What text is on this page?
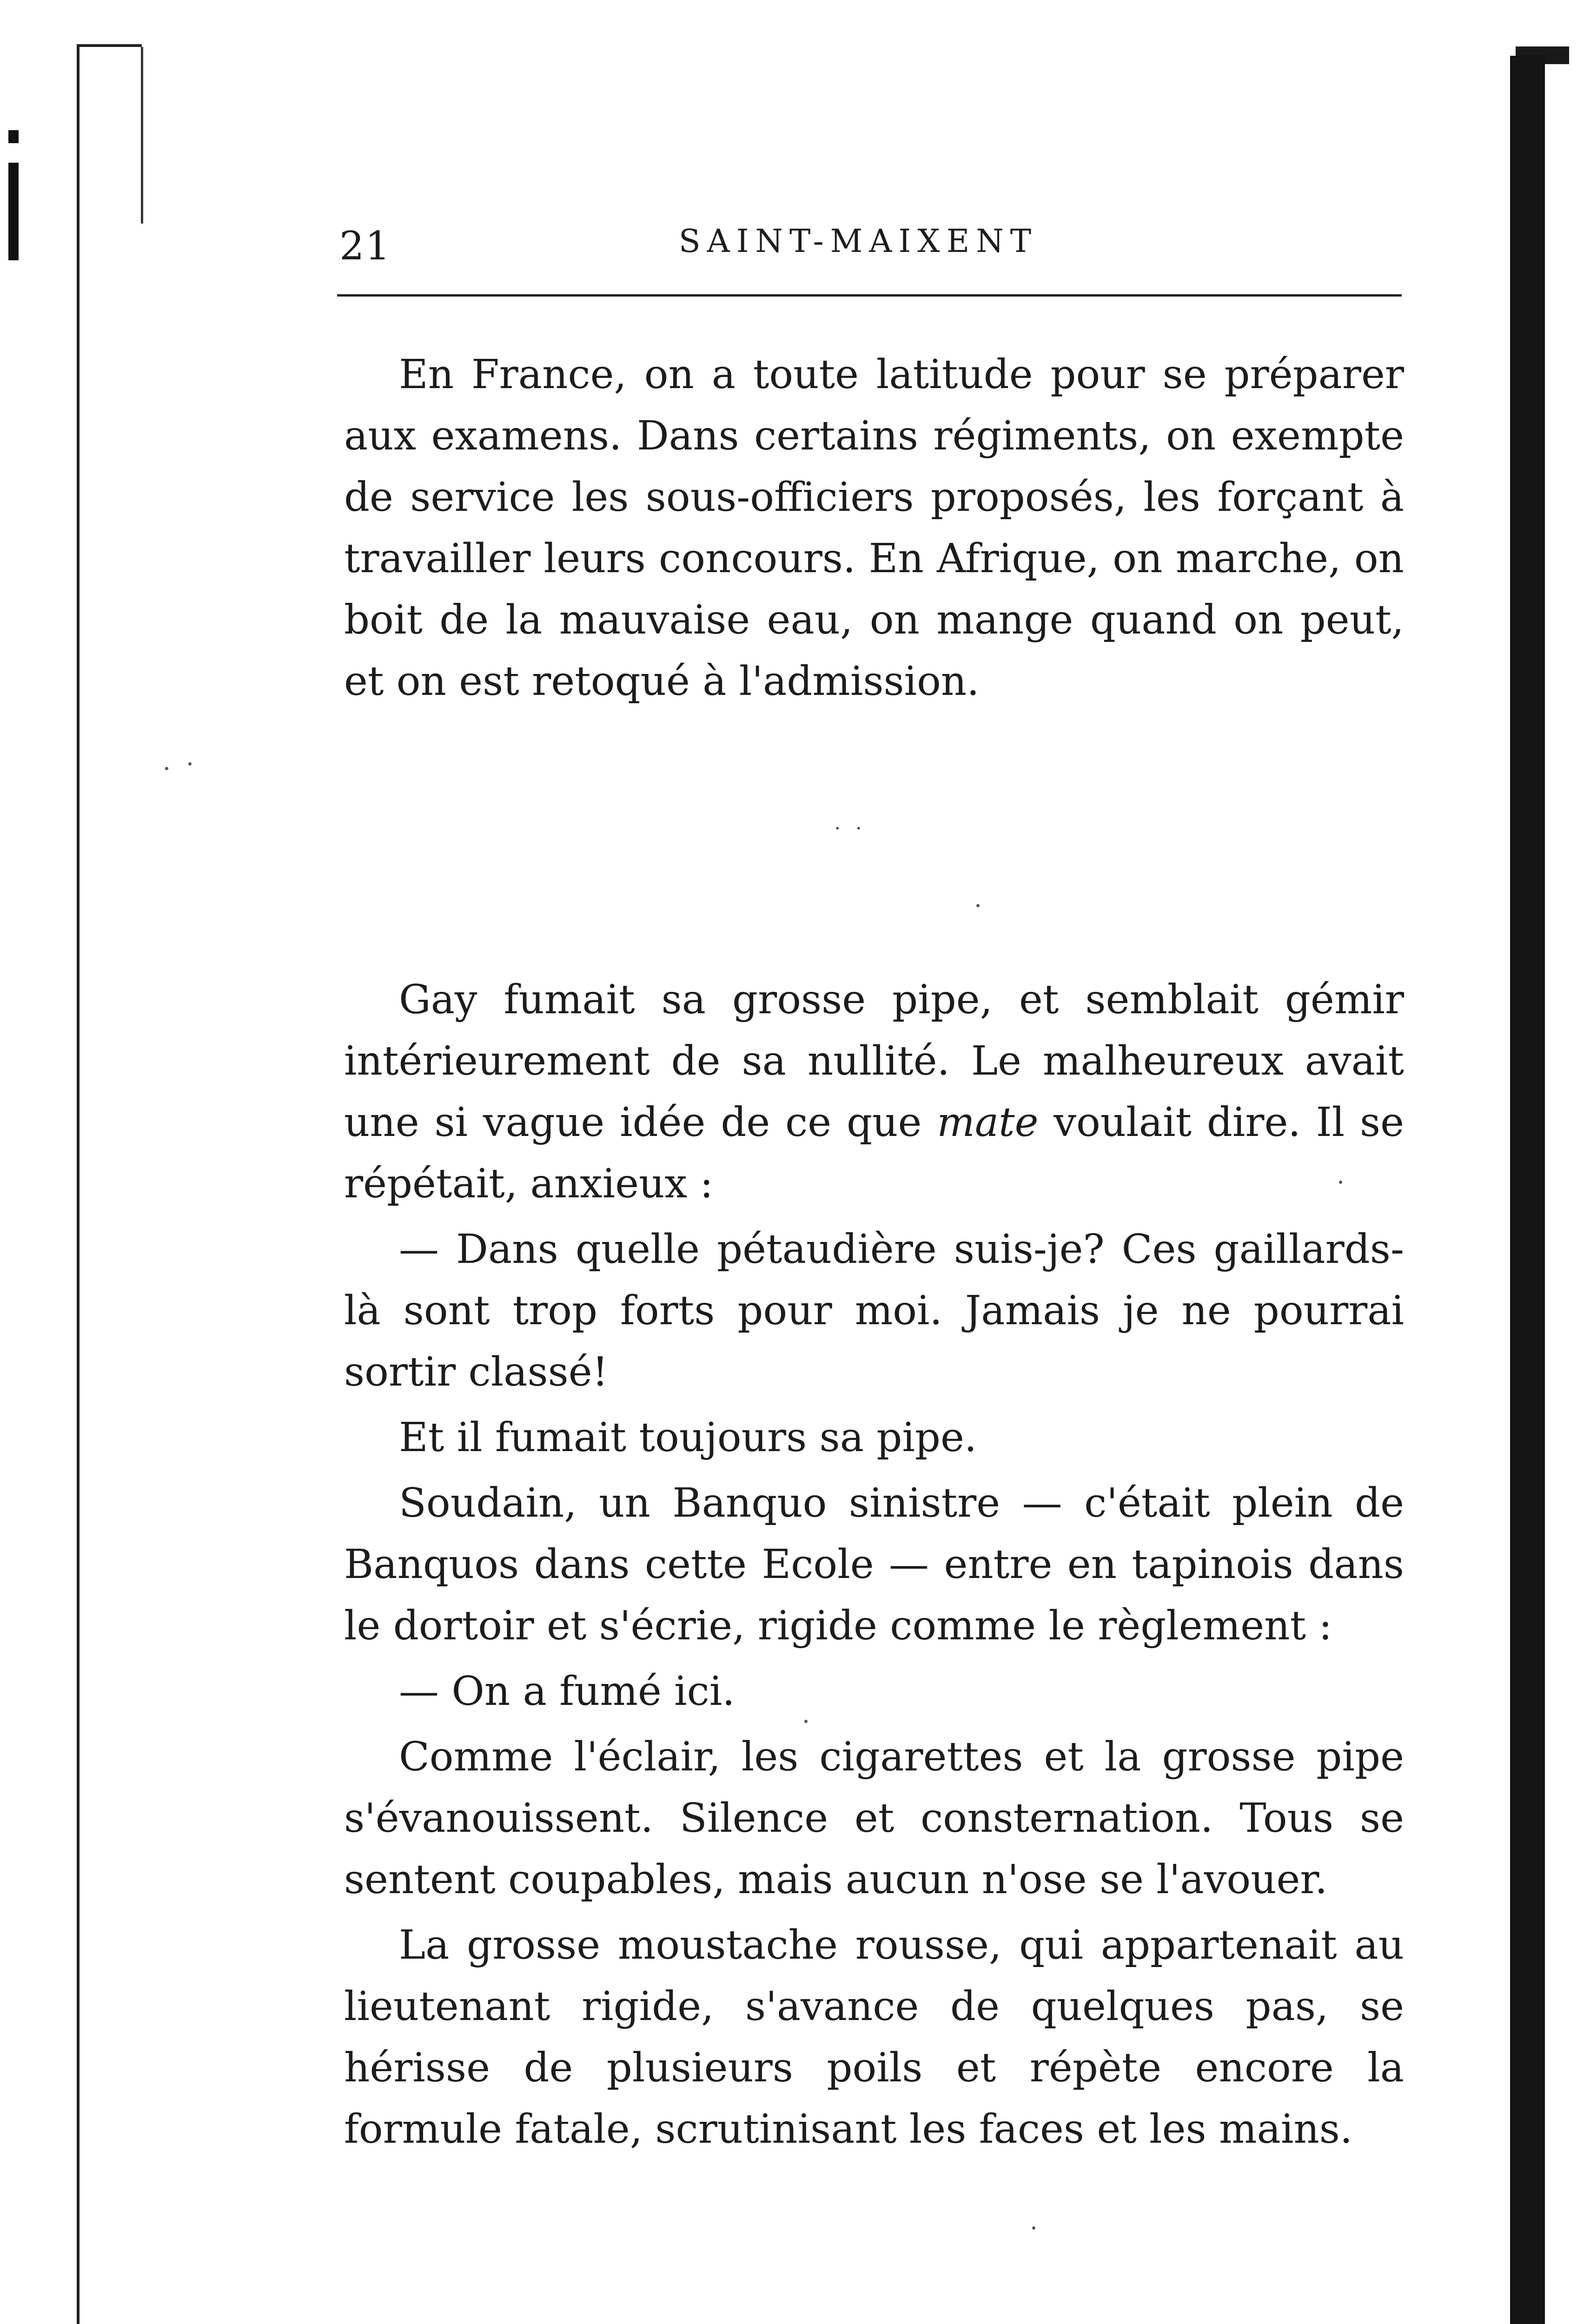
21	SAINT-MAIXENT

En France, on a toute latitude pour se préparer aux examens. Dans certains régiments, on exempte de service les sous-officiers proposés, les forçant à travailler leurs concours. En Afrique, on marche, on boit de la mauvaise eau, on mange quand on peut, et on est retoqué à l'admission.

· ·

Gay fumait sa grosse pipe, et semblait gémir intérieurement de sa nullité. Le malheureux avait une si vague idée de ce que mate voulait dire. Il se répétait, anxieux :

— Dans quelle pétaudière suis-je? Ces gaillards-là sont trop forts pour moi. Jamais je ne pourrai sortir classé!

Et il fumait toujours sa pipe.

Soudain, un Banquo sinistre — c'était plein de Banquos dans cette Ecole — entre en tapinois dans le dortoir et s'écrie, rigide comme le règlement :

— On a fumé ici.

Comme l'éclair, les cigarettes et la grosse pipe s'évanouissent. Silence et consternation. Tous se sentent coupables, mais aucun n'ose se l'avouer.

La grosse moustache rousse, qui appartenait au lieutenant rigide, s'avance de quelques pas, se hérisse de plusieurs poils et répète encore la formule fatale, scrutinisant les faces et les mains.
